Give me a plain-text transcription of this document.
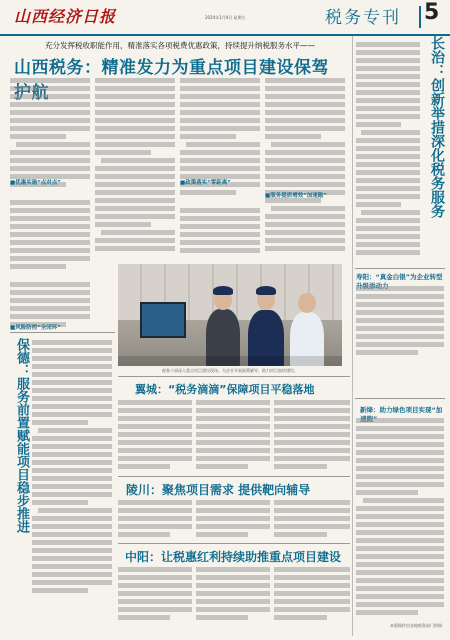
山西经济日报	2024年1月9日 星期五	税务专刊 5
充分发挥税收职能作用，精准落实各项税费优惠政策，持续提升纳税服务水平——
山西税务：精准发力为重点项目建设保驾护航
■优惠实施“点对点”
■风险防控“全闭环”
■政策落实“零距离”
■服务提质增效“加速跑”
税务干部深入重点项目建设现场，为企业开展政策辅导，助力项目加快建设。
长治：创新举措深化税务服务
寿阳：“真金白银”为企业转型升级添动力
新绛：助力绿色项目实现“加速跑”
保德：服务前置赋能项目稳步推进	翼城：“税务滴滴”保障项目平稳落地
陵川：聚焦项目需求 提供靶向辅导
中阳：让税惠红利持续助推重点项目建设
本版稿件由各地税务部门供稿
